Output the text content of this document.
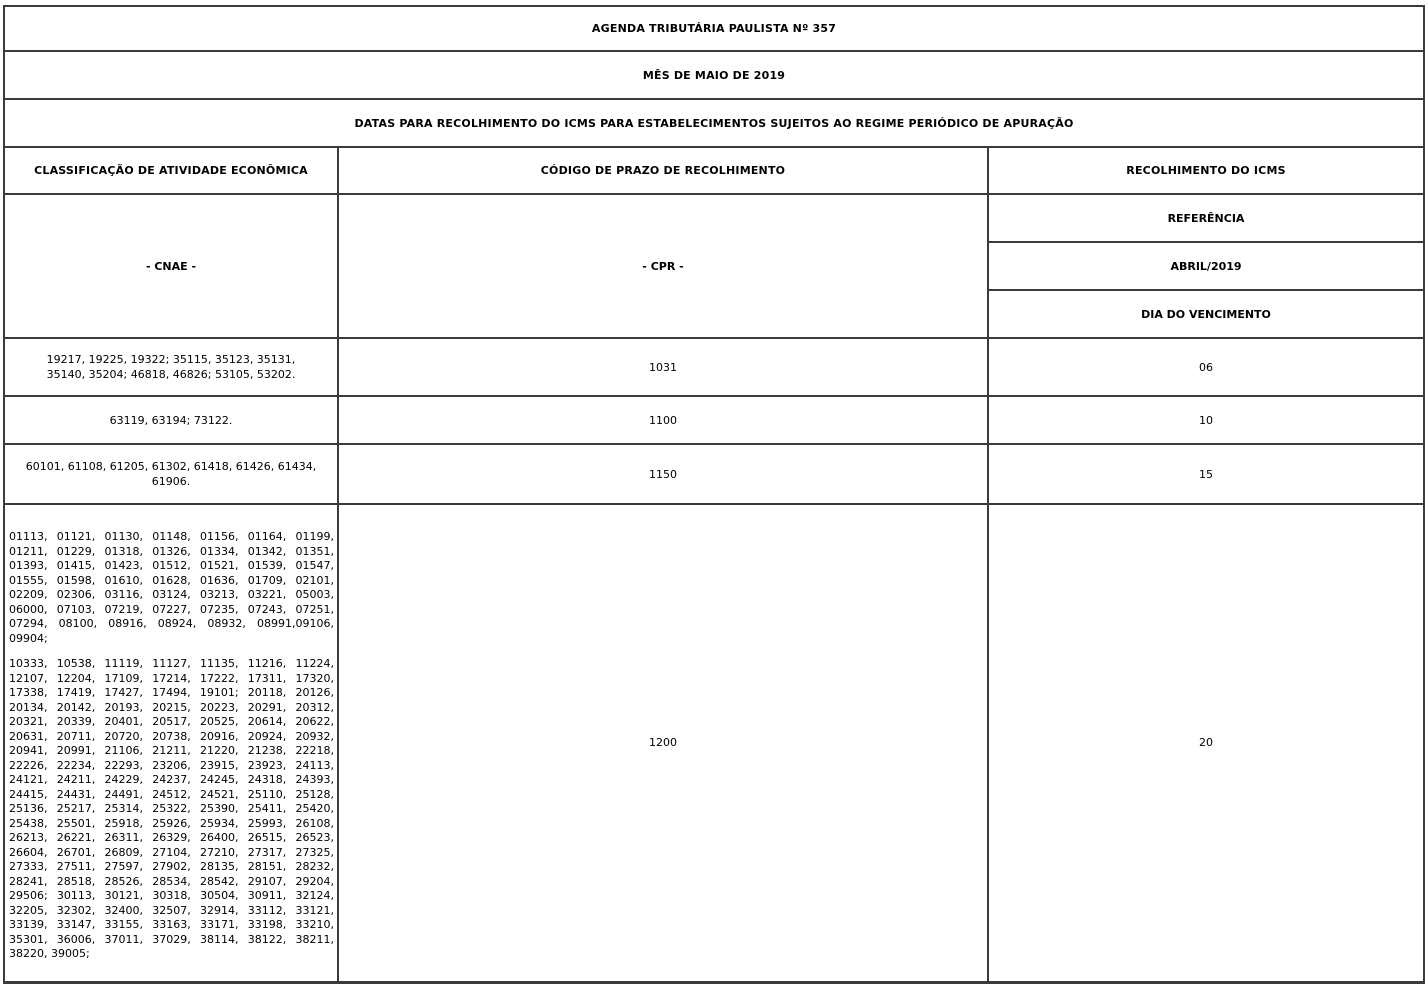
AGENDA TRIBUTÁRIA PAULISTA Nº 357		
MÊS DE MAIO DE 2019		
DATAS PARA RECOLHIMENTO DO ICMS PARA ESTABELECIMENTOS SUJEITOS AO REGIME PERIÓDICO DE APURAÇÃO		
CLASSIFICAÇÃO DE ATIVIDADE ECONÔMICA	CÓDIGO DE PRAZO DE RECOLHIMENTO	RECOLHIMENTO DO ICMS
- CNAE -	- CPR -	REFERÊNCIA
		ABRIL/2019
		DIA DO VENCIMENTO
19217, 19225, 19322; 35115, 35123, 35131, 35140, 35204; 46818, 46826; 53105, 53202.	1031	06
63119, 63194; 73122.	1100	10
60101, 61108, 61205, 61302, 61418, 61426, 61434, 61906.	1150	15

01113, 01121, 01130, 01148, 01156, 01164, 01199, 01211, 01229, 01318, 01326, 01334, 01342, 01351, 01393, 01415, 01423, 01512, 01521, 01539, 01547, 01555, 01598, 01610, 01628, 01636, 01709, 02101, 02209, 02306, 03116, 03124, 03213, 03221, 05003, 06000, 07103, 07219, 07227, 07235, 07243, 07251, 07294, 08100, 08916, 08924, 08932, 08991,09106, 09904;

10333, 10538, 11119, 11127, 11135, 11216, 11224, 12107, 12204, 17109, 17214, 17222, 17311, 17320, 17338, 17419, 17427, 17494, 19101; 20118, 20126, 20134, 20142, 20193, 20215, 20223, 20291, 20312, 20321, 20339, 20401, 20517, 20525, 20614, 20622, 20631, 20711, 20720, 20738, 20916, 20924, 20932, 20941, 20991, 21106, 21211, 21220, 21238, 22218, 22226, 22234, 22293, 23206, 23915, 23923, 24113, 24121, 24211, 24229, 24237, 24245, 24318, 24393, 24415, 24431, 24491, 24512, 24521, 25110, 25128, 25136, 25217, 25314, 25322, 25390, 25411, 25420, 25438, 25501, 25918, 25926, 25934, 25993, 26108, 26213, 26221, 26311, 26329, 26400, 26515, 26523, 26604, 26701, 26809, 27104, 27210, 27317, 27325, 27333, 27511, 27597, 27902, 28135, 28151, 28232, 28241, 28518, 28526, 28534, 28542, 29107, 29204, 29506; 30113, 30121, 30318, 30504, 30911, 32124, 32205, 32302, 32400, 32507, 32914, 33112, 33121, 33139, 33147, 33155, 33163, 33171, 33198, 33210, 35301, 36006, 37011, 37029, 38114, 38122, 38211, 38220, 39005;	1200	20
